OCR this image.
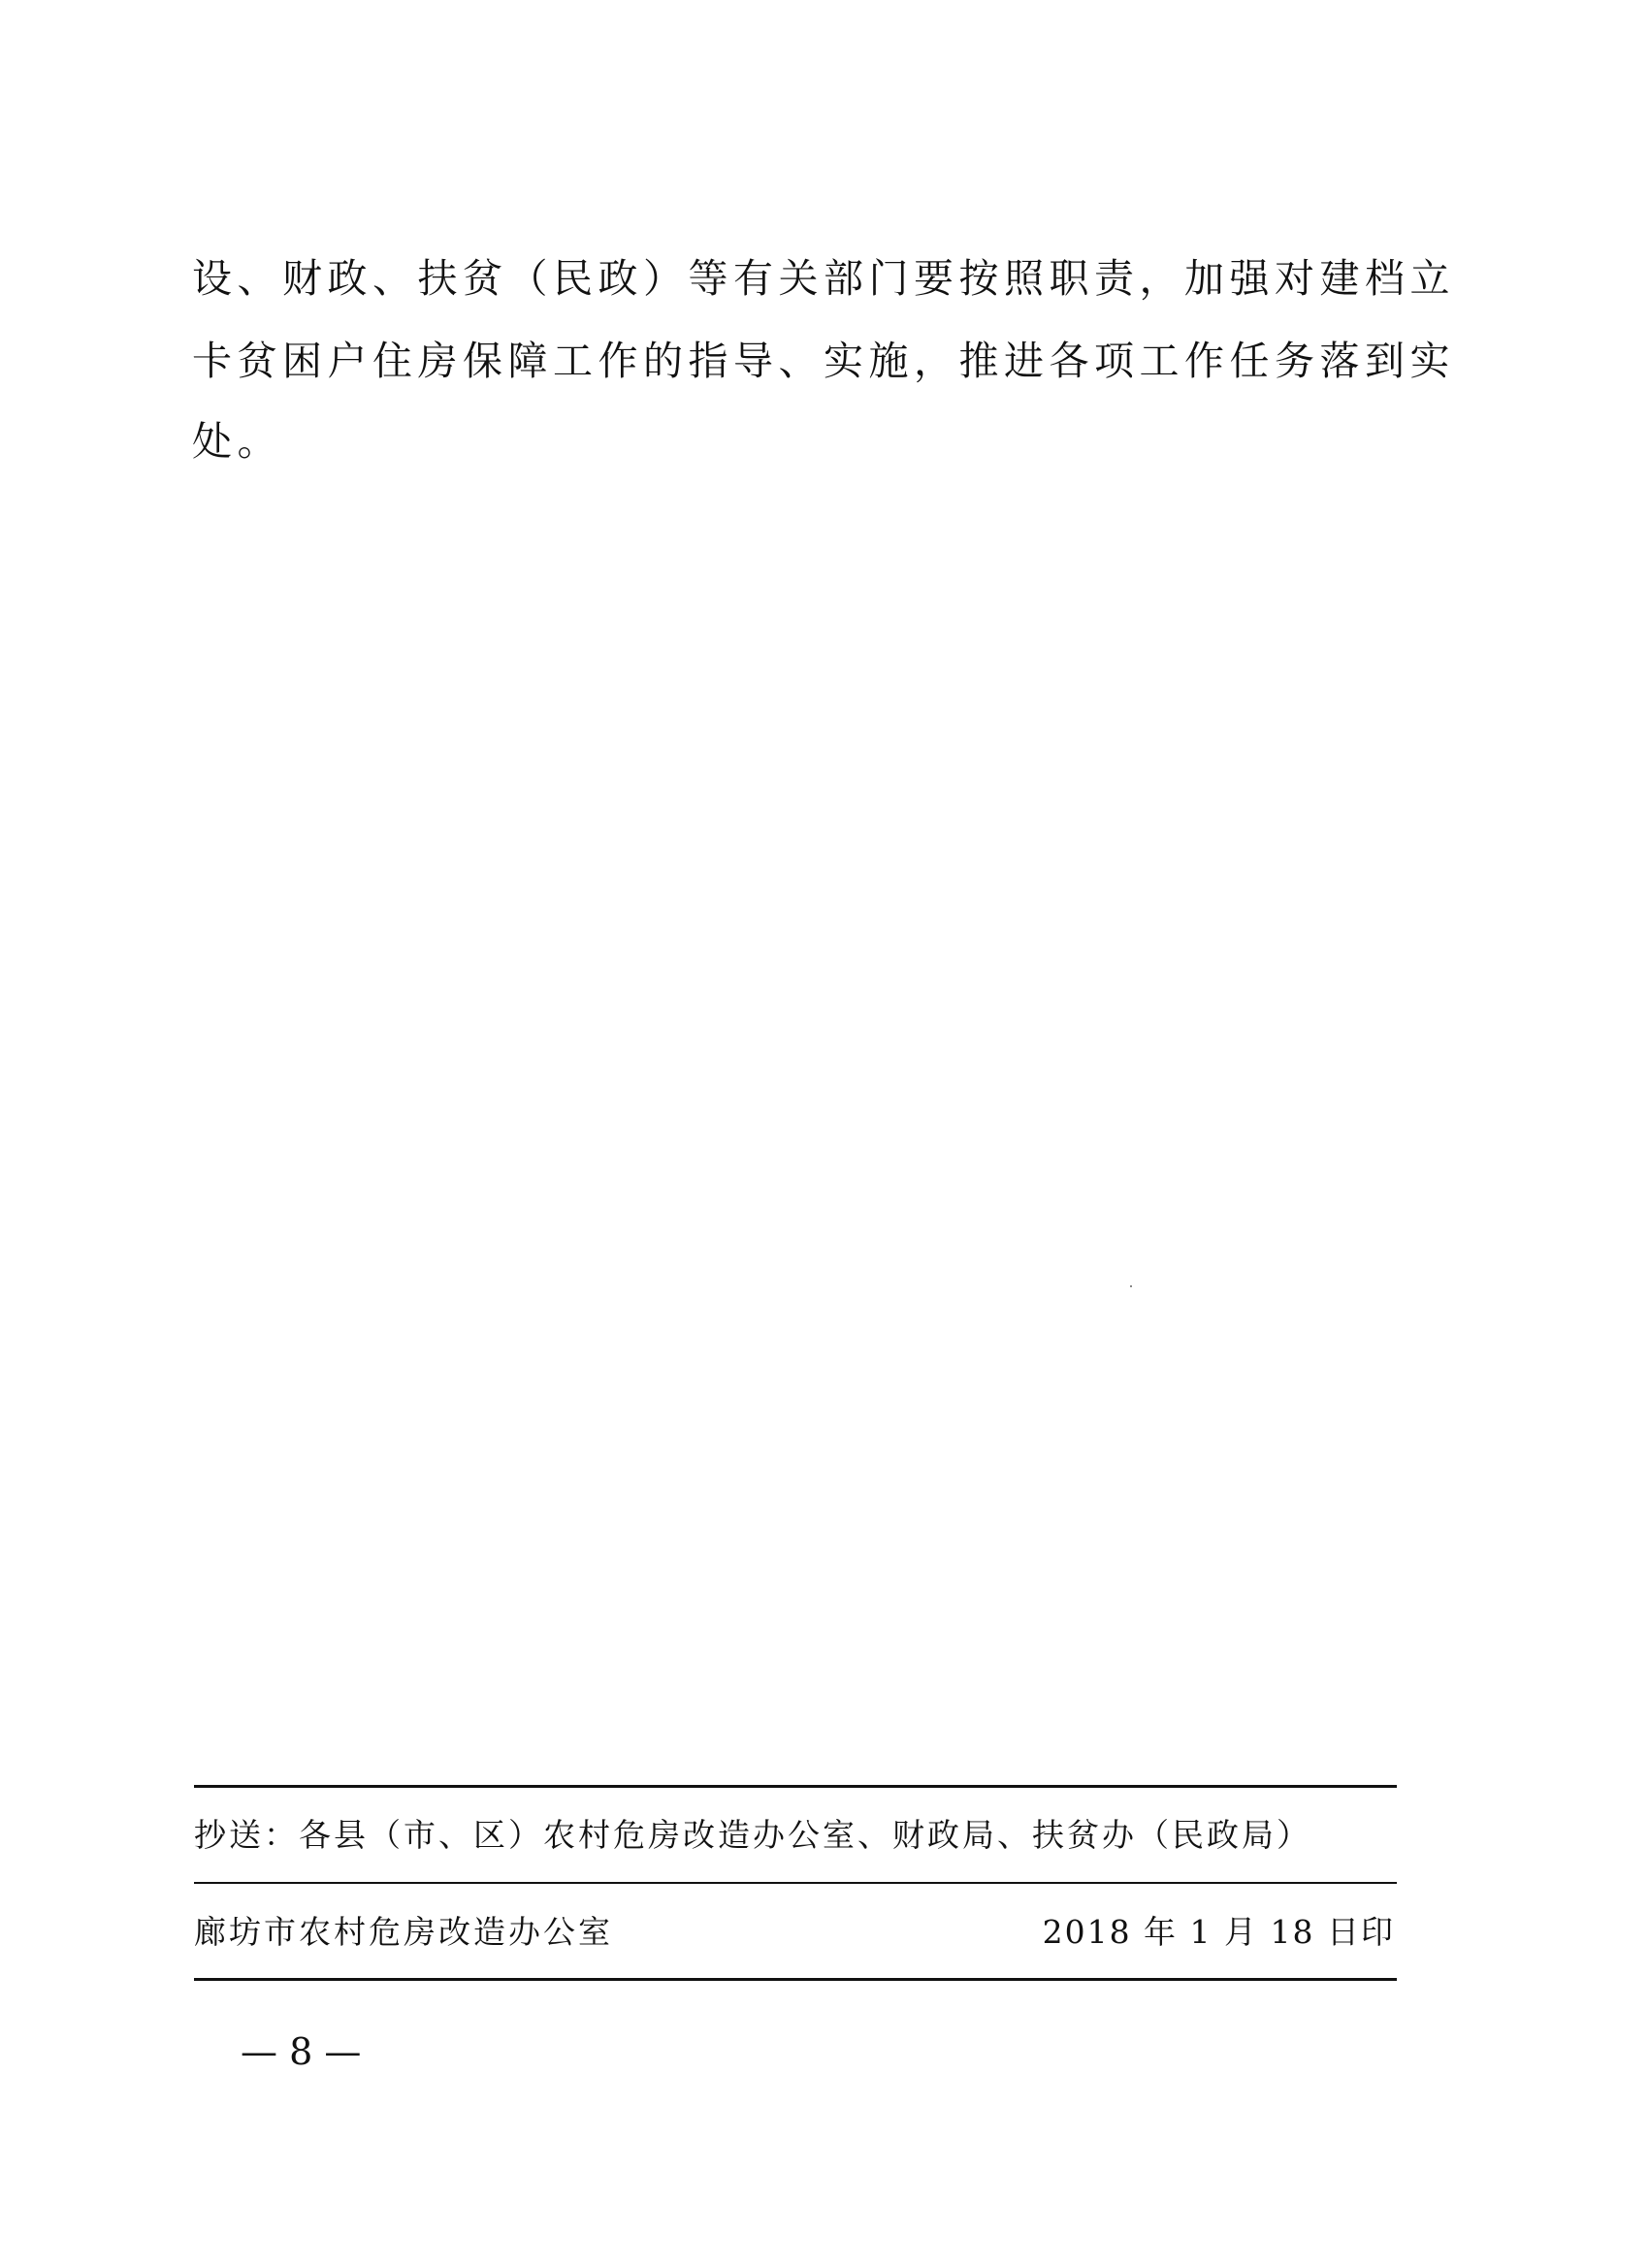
设、财政、扶贫（民政）等有关部门要按照职责，加强对建档立
卡贫困户住房保障工作的指导、实施，推进各项工作任务落到实
处。
抄送：各县（市、区）农村危房改造办公室、财政局、扶贫办（民政局）
廊坊市农村危房改造办公室	2018 年 1 月 18 日印
— 8 —
